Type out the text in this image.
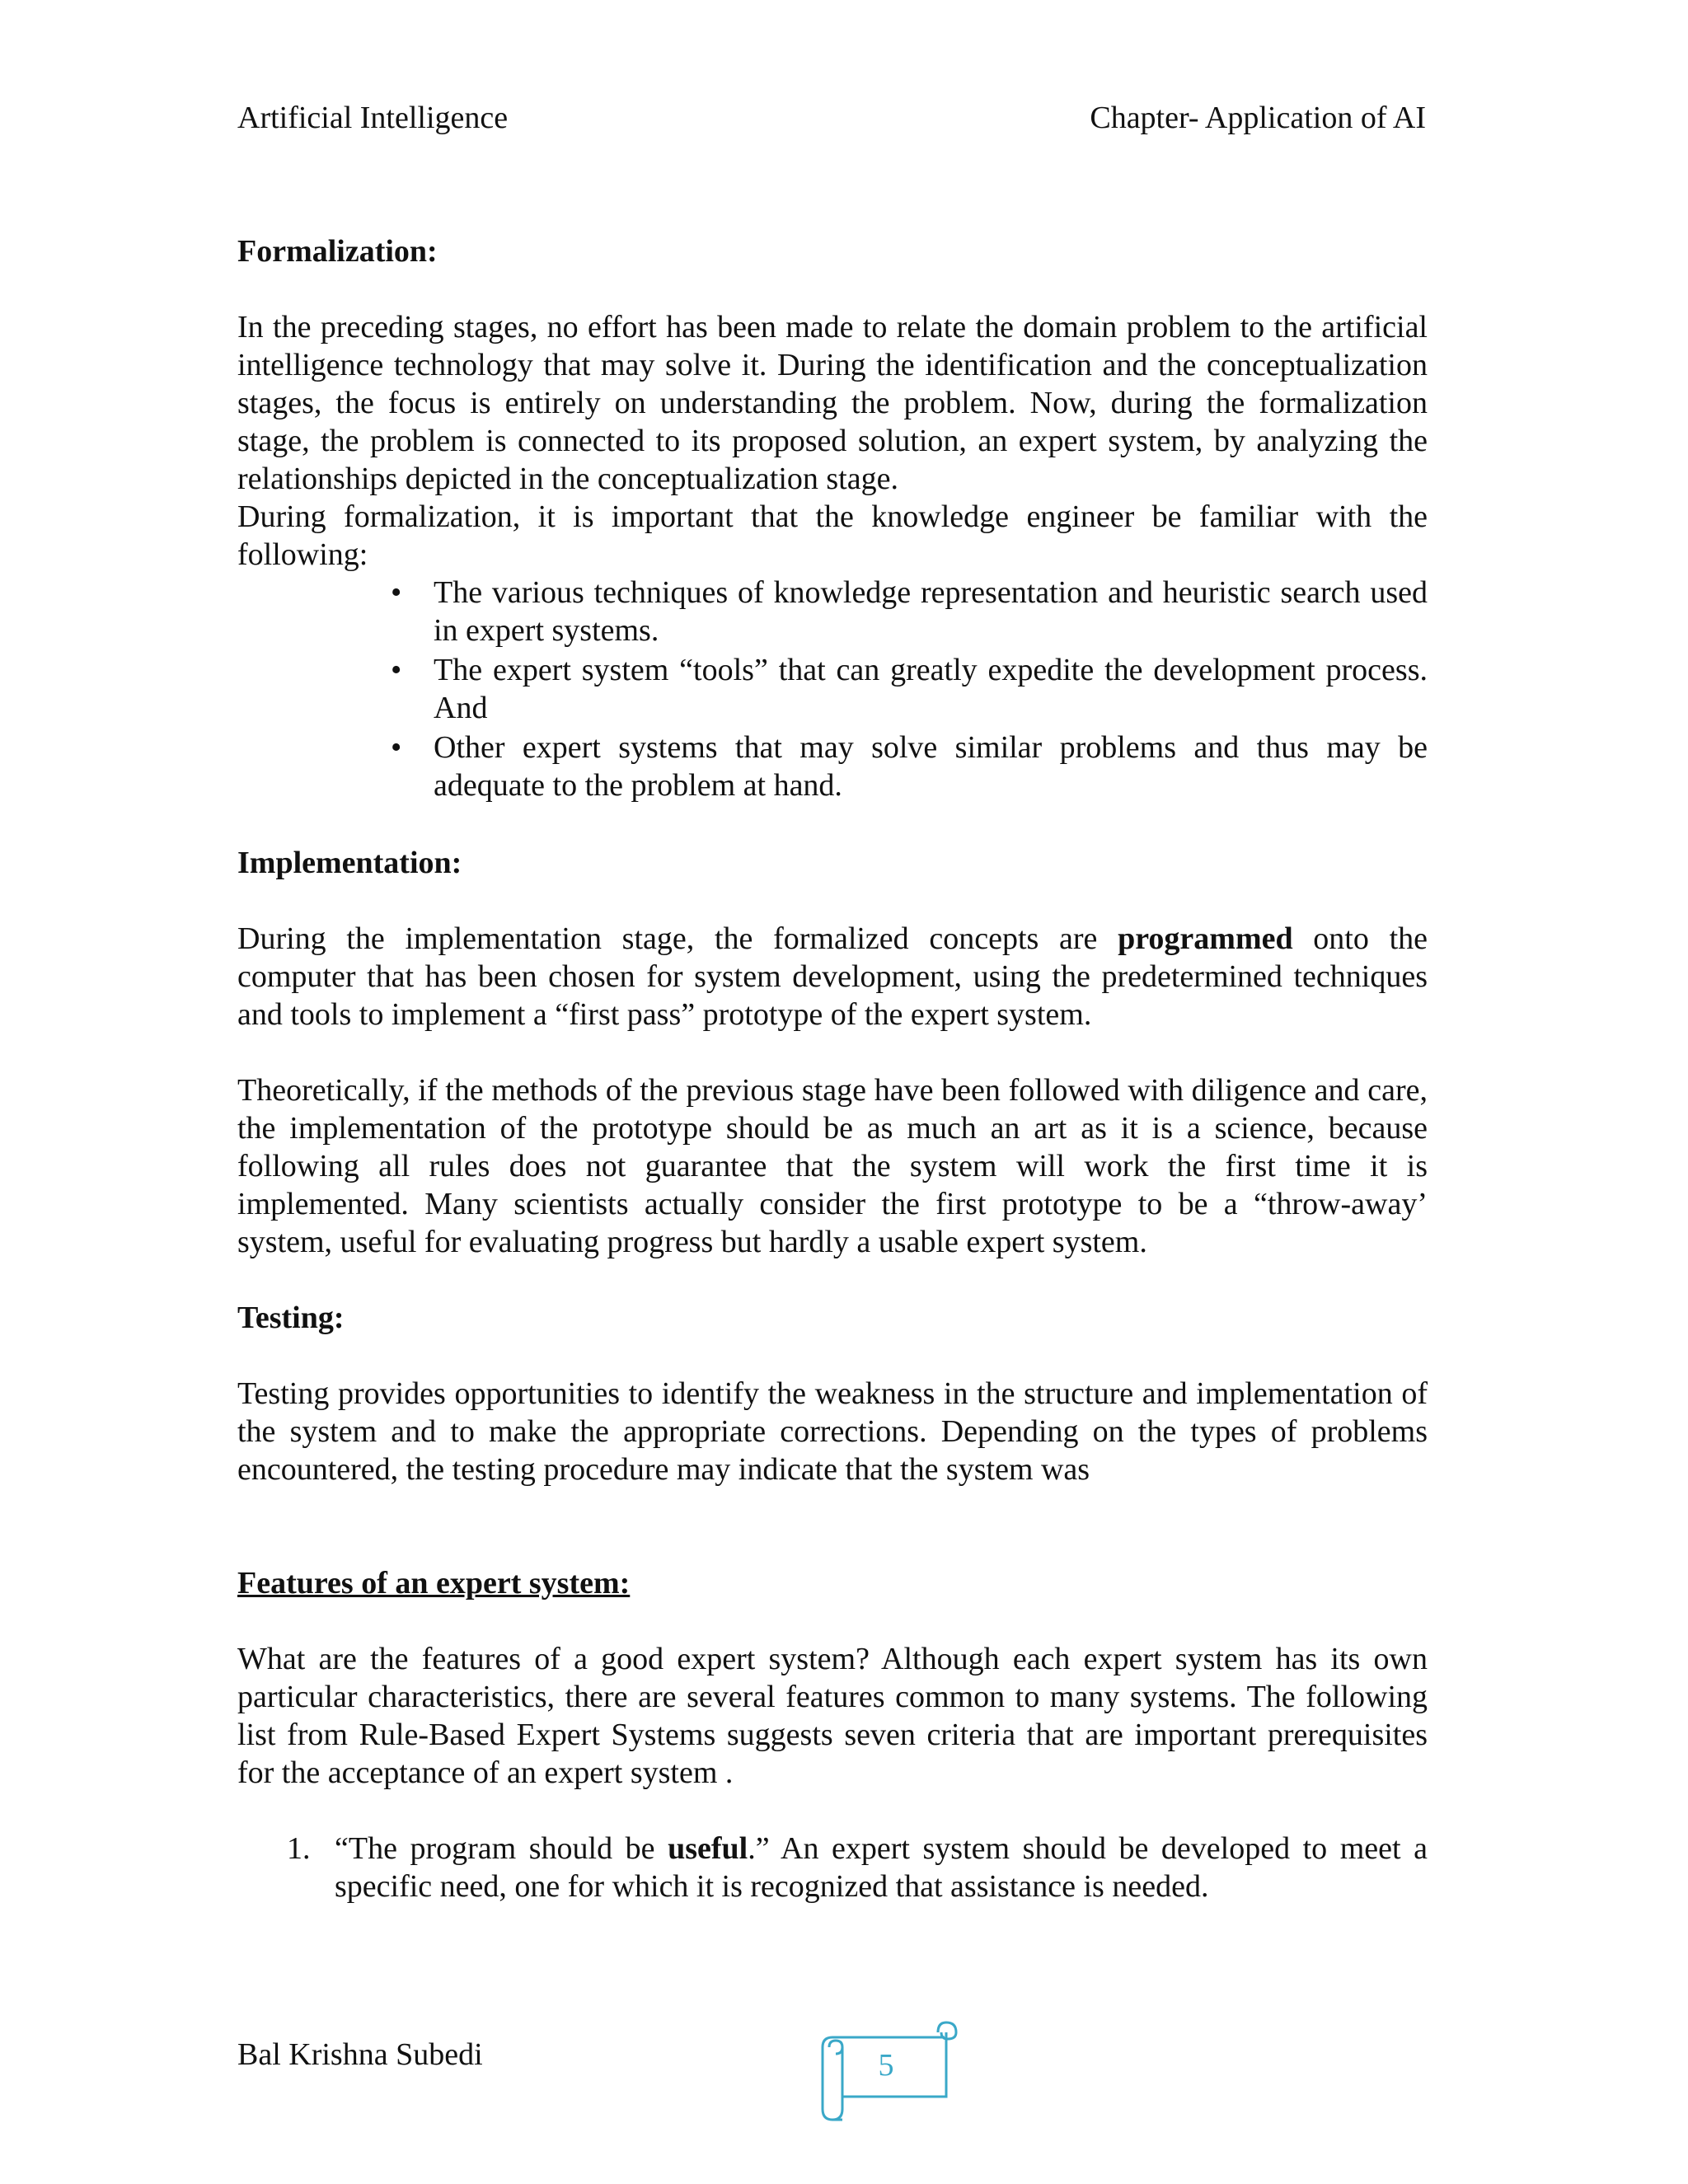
Artificial Intelligence	Chapter- Application of AI
Formalization:

In the preceding stages, no effort has been made to relate the domain problem to the artificial intelligence technology that may solve it. During the identification and the conceptualization stages, the focus is entirely on understanding the problem. Now, during the formalization stage, the problem is connected to its proposed solution, an expert system, by analyzing the relationships depicted in the conceptualization stage.

During formalization, it is important that the knowledge engineer be familiar with the following:

• The various techniques of knowledge representation and heuristic search used in expert systems.
• The expert system “tools” that can greatly expedite the development process. And
• Other expert systems that may solve similar problems and thus may be adequate to the problem at hand.
Implementation:

During the implementation stage, the formalized concepts are programmed onto the computer that has been chosen for system development, using the predetermined techniques and tools to implement a “first pass” prototype of the expert system.

Theoretically, if the methods of the previous stage have been followed with diligence and care, the implementation of the prototype should be as much an art as it is a science, because following all rules does not guarantee that the system will work the first time it is implemented. Many scientists actually consider the first prototype to be a “throw-away’ system, useful for evaluating progress but hardly a usable expert system.

Testing:

Testing provides opportunities to identify the weakness in the structure and implementation of the system and to make the appropriate corrections. Depending on the types of problems encountered, the testing procedure may indicate that the system was

Features of an expert system:

What are the features of a good expert system? Although each expert system has its own particular characteristics, there are several features common to many systems. The following list from Rule-Based Expert Systems suggests seven criteria that are important prerequisites for the acceptance of an expert system .

1. “The program should be useful.” An expert system should be developed to meet a specific need, one for which it is recognized that assistance is needed.
Bal Krishna Subedi	5
